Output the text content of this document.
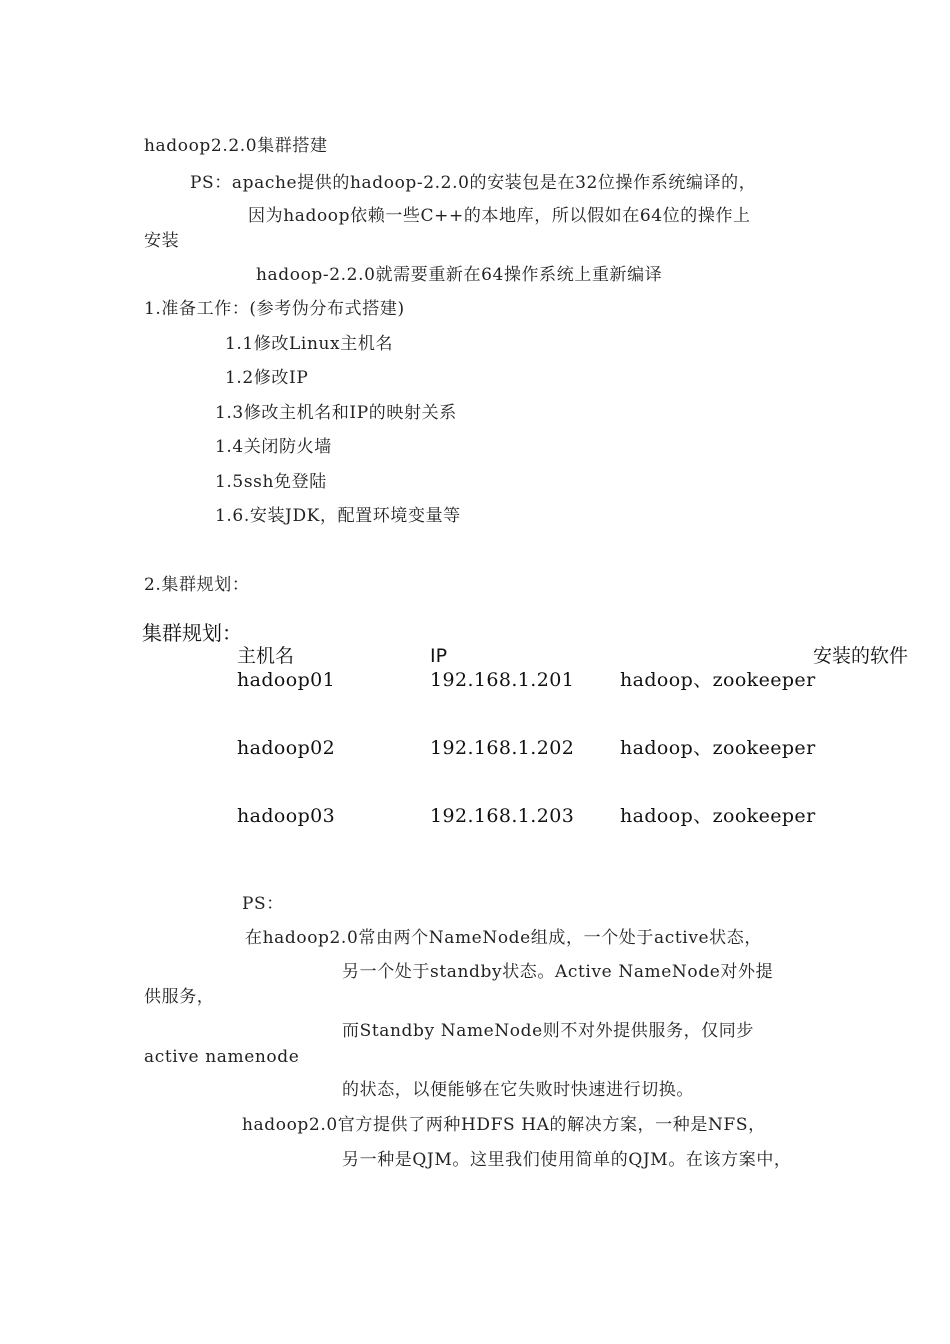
hadoop2.2.0集群搭建
PS：apache提供的hadoop-2.2.0的安装包是在32位操作系统编译的，
因为hadoop依赖一些C++的本地库，所以假如在64位的操作上
安装
hadoop-2.2.0就需要重新在64操作系统上重新编译
1.准备工作：(参考伪分布式搭建)
1.1修改Linux主机名
1.2修改IP
1.3修改主机名和IP的映射关系
1.4关闭防火墙
1.5ssh免登陆
1.6.安装JDK，配置环境变量等
2.集群规划：
集群规划：
主机名	IP	安装的软件
hadoop01	192.168.1.201 hadoop、zookeeper
hadoop02	192.168.1.202 hadoop、zookeeper
hadoop03	192.168.1.203 hadoop、zookeeper
PS：
在hadoop2.0常由两个NameNode组成，一个处于active状态，
另一个处于standby状态。Active NameNode对外提
供服务，
而Standby NameNode则不对外提供服务，仅同步
active namenode
的状态，以便能够在它失败时快速进行切换。
hadoop2.0官方提供了两种HDFS HA的解决方案，一种是NFS，
另一种是QJM。这里我们使用简单的QJM。在该方案中，
